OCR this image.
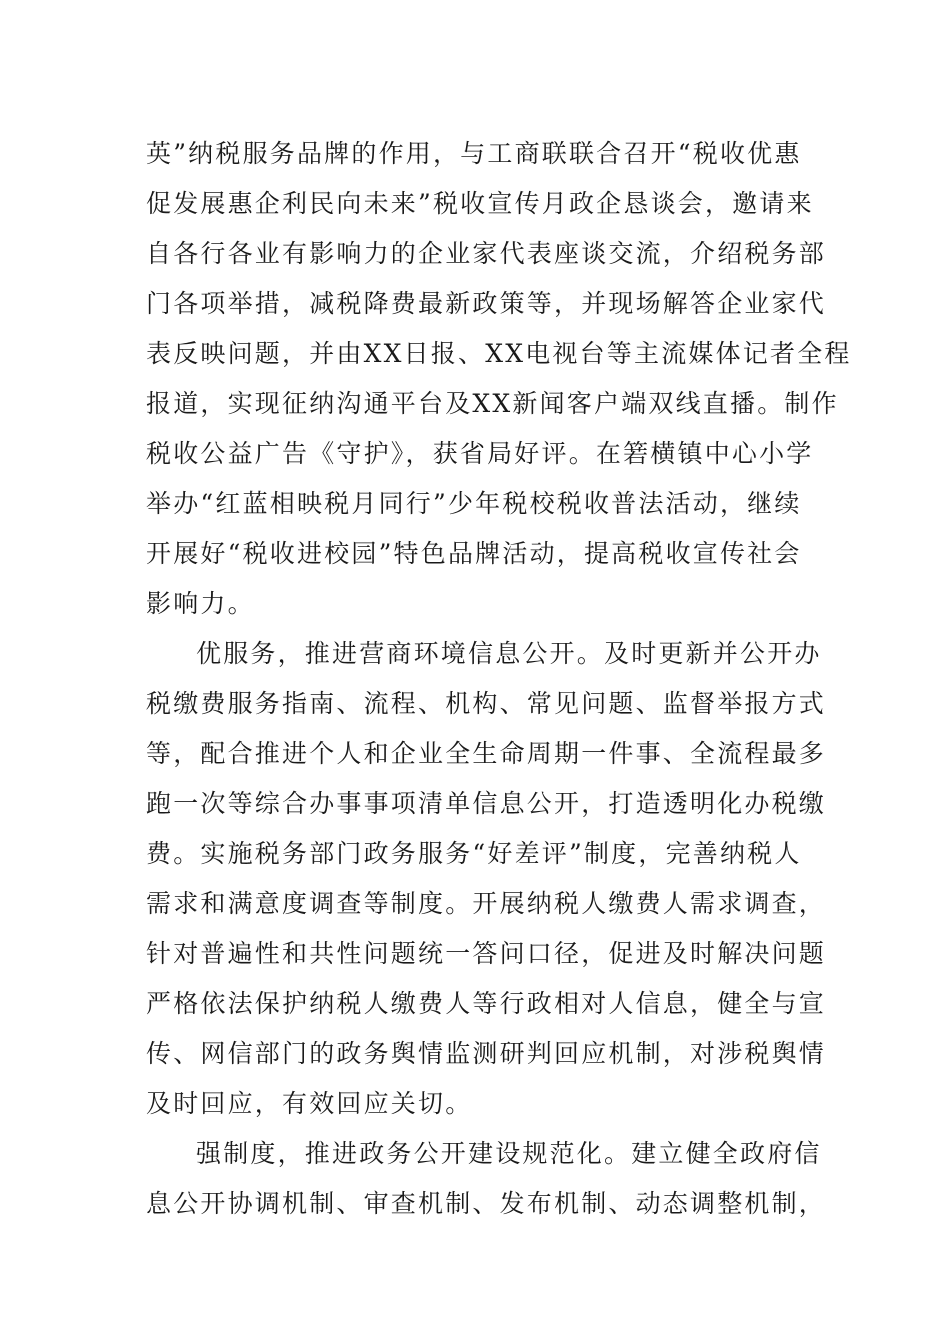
英”纳税服务品牌的作用，与工商联联合召开“税收优惠
促发展惠企利民向未来”税收宣传月政企恳谈会，邀请来
自各行各业有影响力的企业家代表座谈交流，介绍税务部
门各项举措，减税降费最新政策等，并现场解答企业家代
表反映问题，并由XX日报、XX电视台等主流媒体记者全程
报道，实现征纳沟通平台及XX新闻客户端双线直播。制作
税收公益广告《守护》，获省局好评。在箬横镇中心小学
举办“红蓝相映税月同行”少年税校税收普法活动，继续
开展好“税收进校园”特色品牌活动，提高税收宣传社会
影响力。
优服务，推进营商环境信息公开。及时更新并公开办
税缴费服务指南、流程、机构、常见问题、监督举报方式
等，配合推进个人和企业全生命周期一件事、全流程最多
跑一次等综合办事事项清单信息公开，打造透明化办税缴
费。实施税务部门政务服务“好差评”制度，完善纳税人
需求和满意度调查等制度。开展纳税人缴费人需求调查，
针对普遍性和共性问题统一答问口径，促进及时解决问题
严格依法保护纳税人缴费人等行政相对人信息，健全与宣
传、网信部门的政务舆情监测研判回应机制，对涉税舆情
及时回应，有效回应关切。
强制度，推进政务公开建设规范化。建立健全政府信
息公开协调机制、审查机制、发布机制、动态调整机制，
